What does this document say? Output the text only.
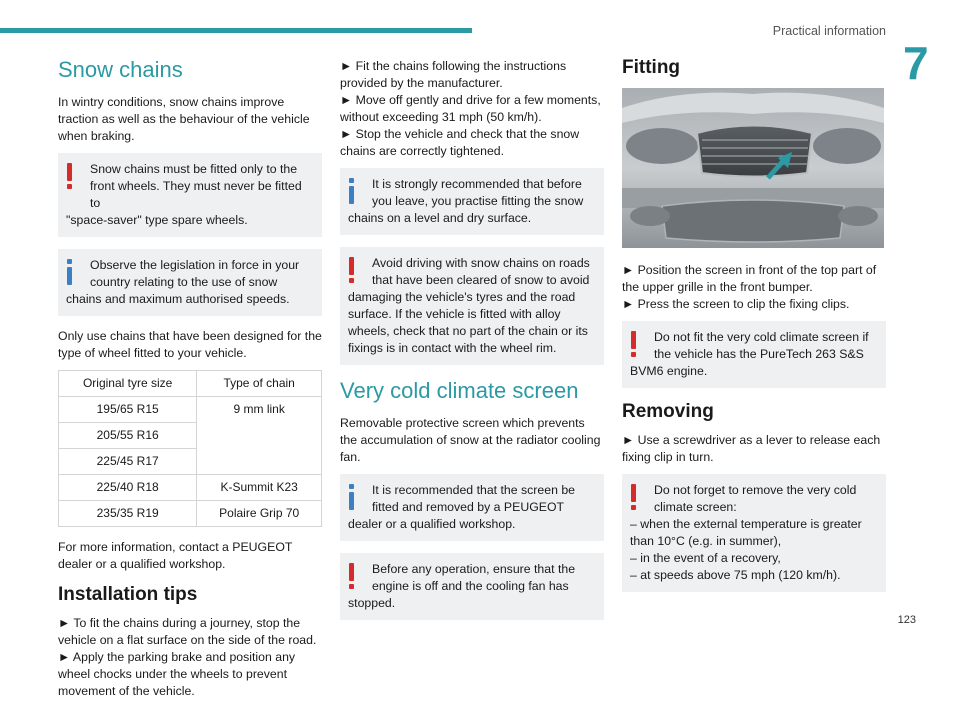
Practical information
7
123
Snow chains

In wintry conditions, snow chains improve traction as well as the behaviour of the vehicle when braking.

Snow chains must be fitted only to the front wheels. They must never be fitted to
"space-saver" type spare wheels.
Observe the legislation in force in your country relating to the use of snow
chains and maximum authorised speeds.

Only use chains that have been designed for the type of wheel fitted to your vehicle.

Original tyre size	Type of chain
195/65 R15	9 mm link
205/55 R16	
225/45 R17	
225/40 R18	K-Summit K23
235/35 R19	Polaire Grip 70

For more information, contact a PEUGEOT dealer or a qualified workshop.

Installation tips

► To fit the chains during a journey, stop the vehicle on a flat surface on the side of the road.

► Apply the parking brake and position any wheel chocks under the wheels to prevent movement of the vehicle.

► Fit the chains following the instructions provided by the manufacturer.

► Move off gently and drive for a few moments, without exceeding 31 mph (50 km/h).

► Stop the vehicle and check that the snow chains are correctly tightened.

It is strongly recommended that before you leave, you practise fitting the snow
chains on a level and dry surface.
Avoid driving with snow chains on roads that have been cleared of snow to avoid
damaging the vehicle's tyres and the road surface. If the vehicle is fitted with alloy wheels, check that no part of the chain or its fixings is in contact with the wheel rim.
Very cold climate screen

Removable protective screen which prevents the accumulation of snow at the radiator cooling fan.

It is recommended that the screen be fitted and removed by a PEUGEOT
dealer or a qualified workshop.
Before any operation, ensure that the engine is off and the cooling fan has
stopped.
Fitting

► Position the screen in front of the top part of the upper grille in the front bumper.

► Press the screen to clip the fixing clips.

Do not fit the very cold climate screen if the vehicle has the PureTech 263 S&S
BVM6 engine.
Removing

► Use a screwdriver as a lever to release each fixing clip in turn.

Do not forget to remove the very cold climate screen:
– when the external temperature is greater than 10°C (e.g. in summer),
– in the event of a recovery,
– at speeds above 75 mph (120 km/h).
